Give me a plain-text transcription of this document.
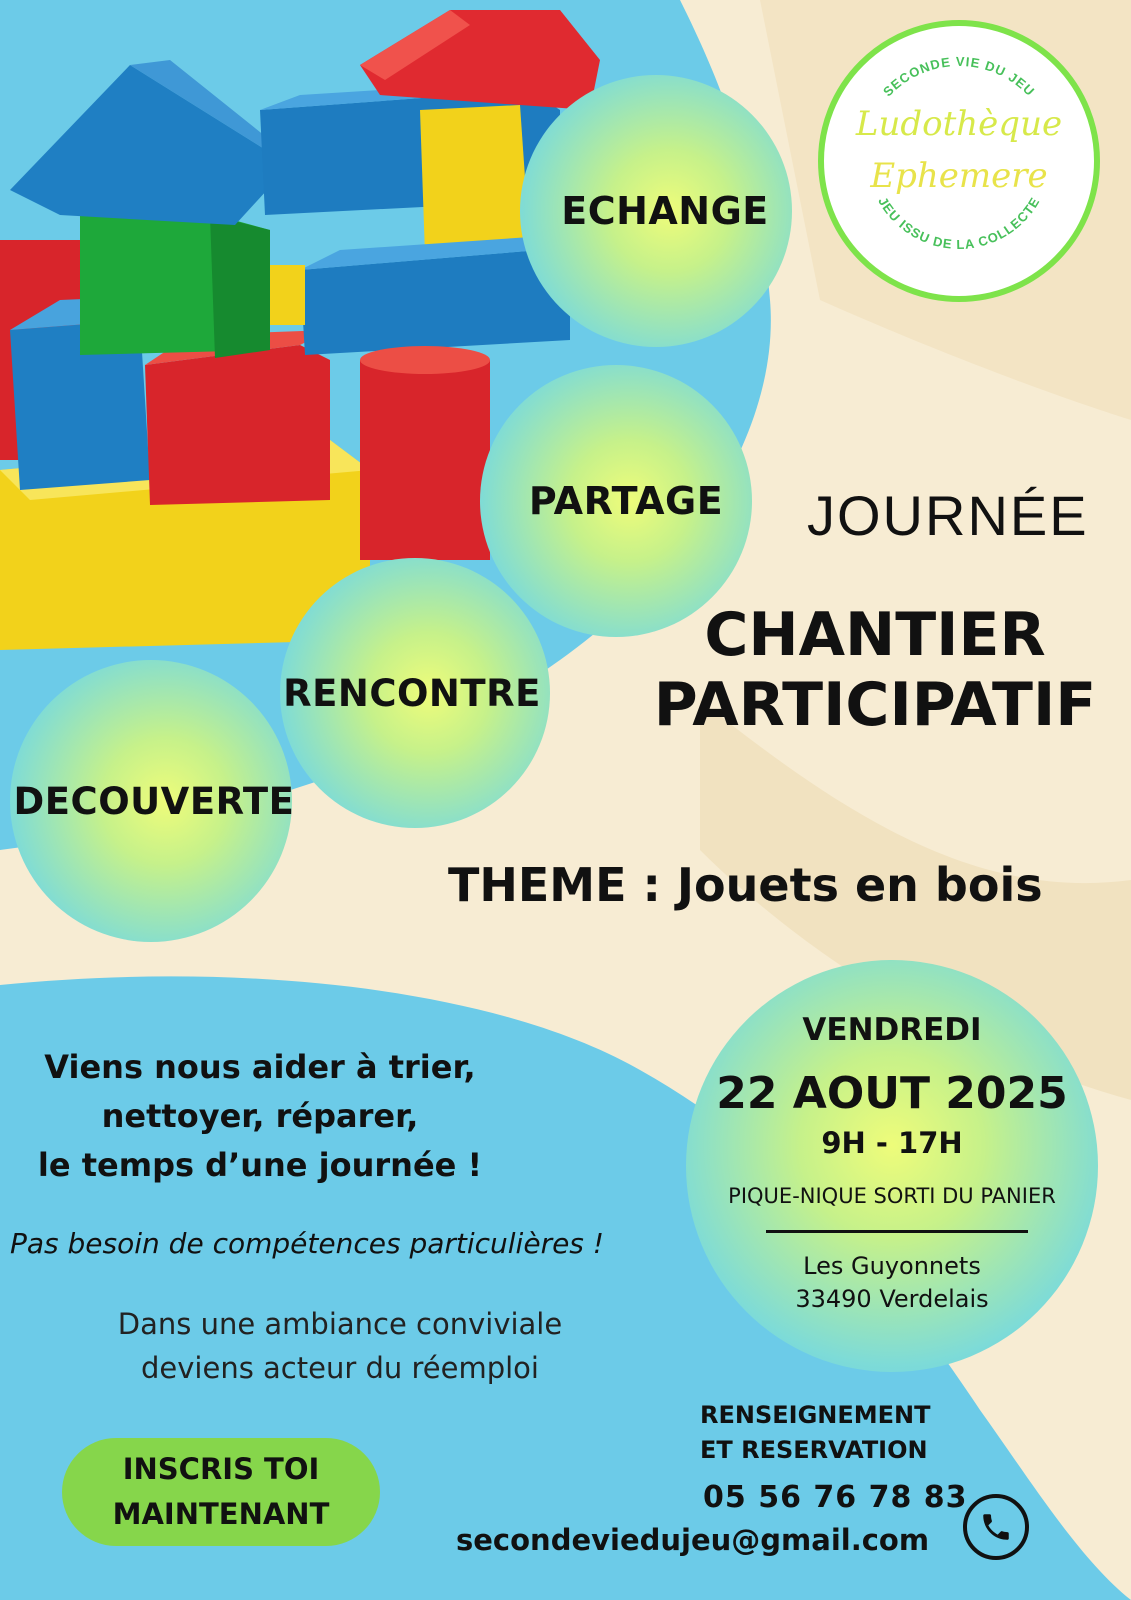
SECONDE VIE DU JEU
JEU ISSU DE LA COLLECTE
Ludothèque
Ephemere
ECHANGE
PARTAGE
RENCONTRE
DECOUVERTE
JOURNÉE
CHANTIER
PARTICIPATIF
THEME : Jouets en bois
Viens nous aider à trier,
nettoyer, réparer,
le temps d’une journée !
Pas besoin de compétences particulières !
Dans une ambiance conviviale
deviens acteur du réemploi
INSCRIS TOI
MAINTENANT
VENDREDI
22 AOUT 2025
9H - 17H
PIQUE-NIQUE SORTI DU PANIER
Les Guyonnets
33490 Verdelais
RENSEIGNEMENT
ET RESERVATION
05 56 76 78 83
secondeviedujeu@gmail.com
